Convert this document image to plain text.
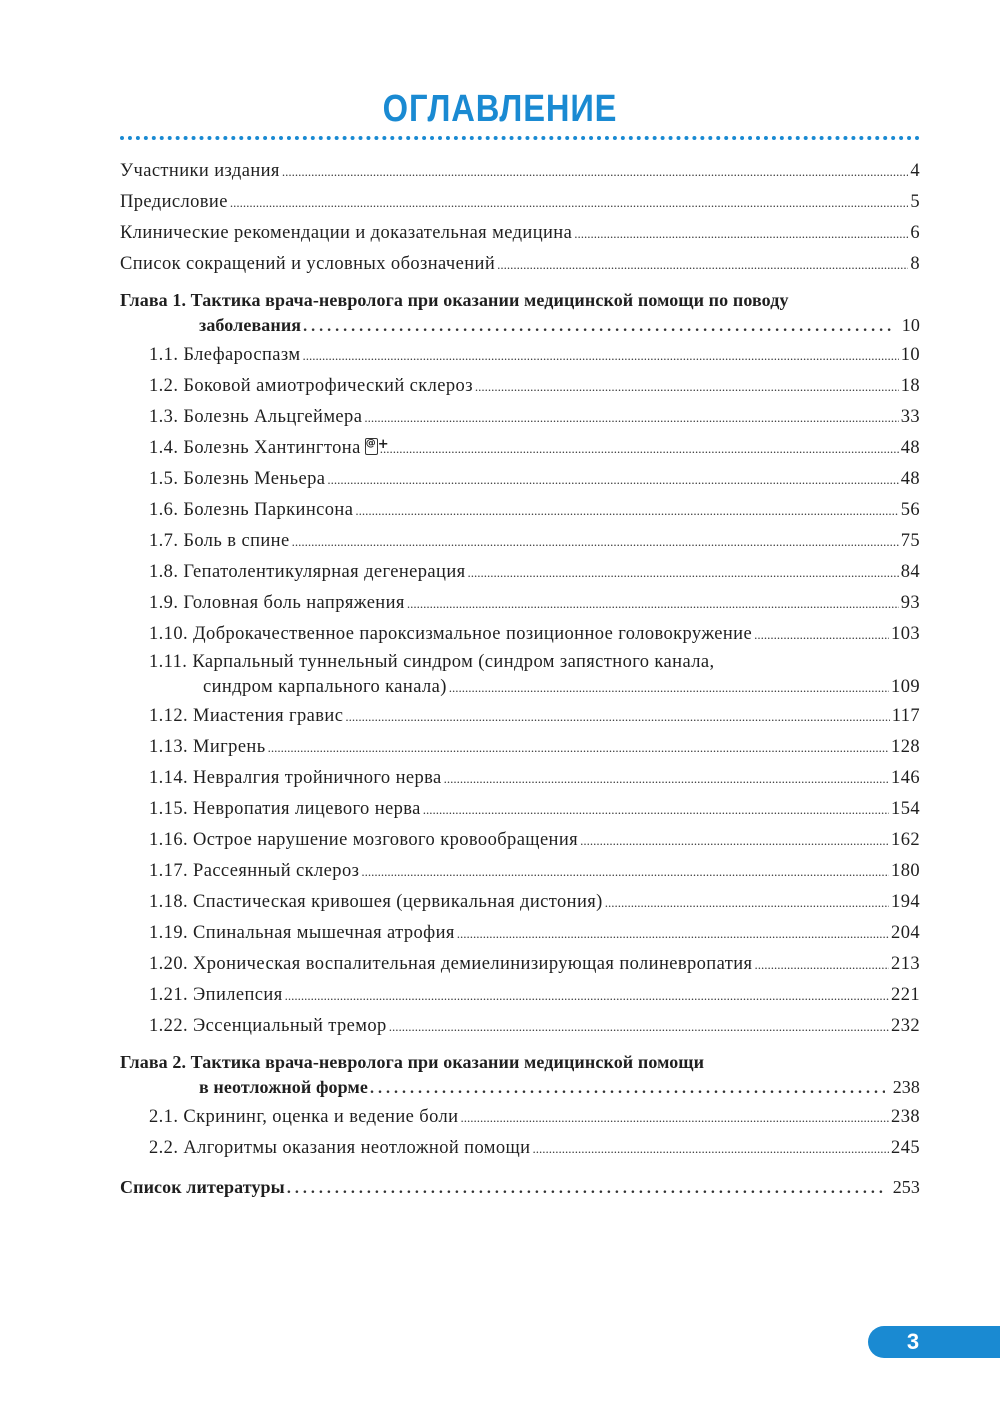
ОГЛАВЛЕНИЕ
Участники издания .....	4
Предисловие .....	5
Клинические рекомендации и доказательная медицина .....	6
Список сокращений и условных обозначений .....	8
Глава 1. Тактика врача-невролога при оказании медицинской помощи по поводу
заболевания . . .	10
1.1. Блефароспазм .....	10
1.2. Боковой амиотрофический склероз .....	18
1.3. Болезнь Альцгеймера .....	33
1.4. Болезнь Хантингтона @ + .....	48
1.5. Болезнь Меньера .....	48
1.6. Болезнь Паркинсона .....	56
1.7. Боль в спине .....	75
1.8. Гепатолентикулярная дегенерация .....	84
1.9. Головная боль напряжения .....	93
1.10. Доброкачественное пароксизмальное позиционное головокружение .....	103
1.11. Карпальный туннельный синдром (синдром запястного канала,
синдром карпального канала) .....	109
1.12. Миастения гравис .....	117
1.13. Мигрень .....	128
1.14. Невралгия тройничного нерва .....	146
1.15. Невропатия лицевого нерва .....	154
1.16. Острое нарушение мозгового кровообращения .....	162
1.17. Рассеянный склероз .....	180
1.18. Спастическая кривошея (цервикальная дистония) .....	194
1.19. Спинальная мышечная атрофия .....	204
1.20. Хроническая воспалительная демиелинизирующая полиневропатия .....	213
1.21. Эпилепсия .....	221
1.22. Эссенциальный тремор .....	232
Глава 2. Тактика врача-невролога при оказании медицинской помощи
в неотложной форме . . .	238
2.1. Скрининг, оценка и ведение боли .....	238
2.2. Алгоритмы оказания неотложной помощи .....	245
Список литературы . . .	253
3
